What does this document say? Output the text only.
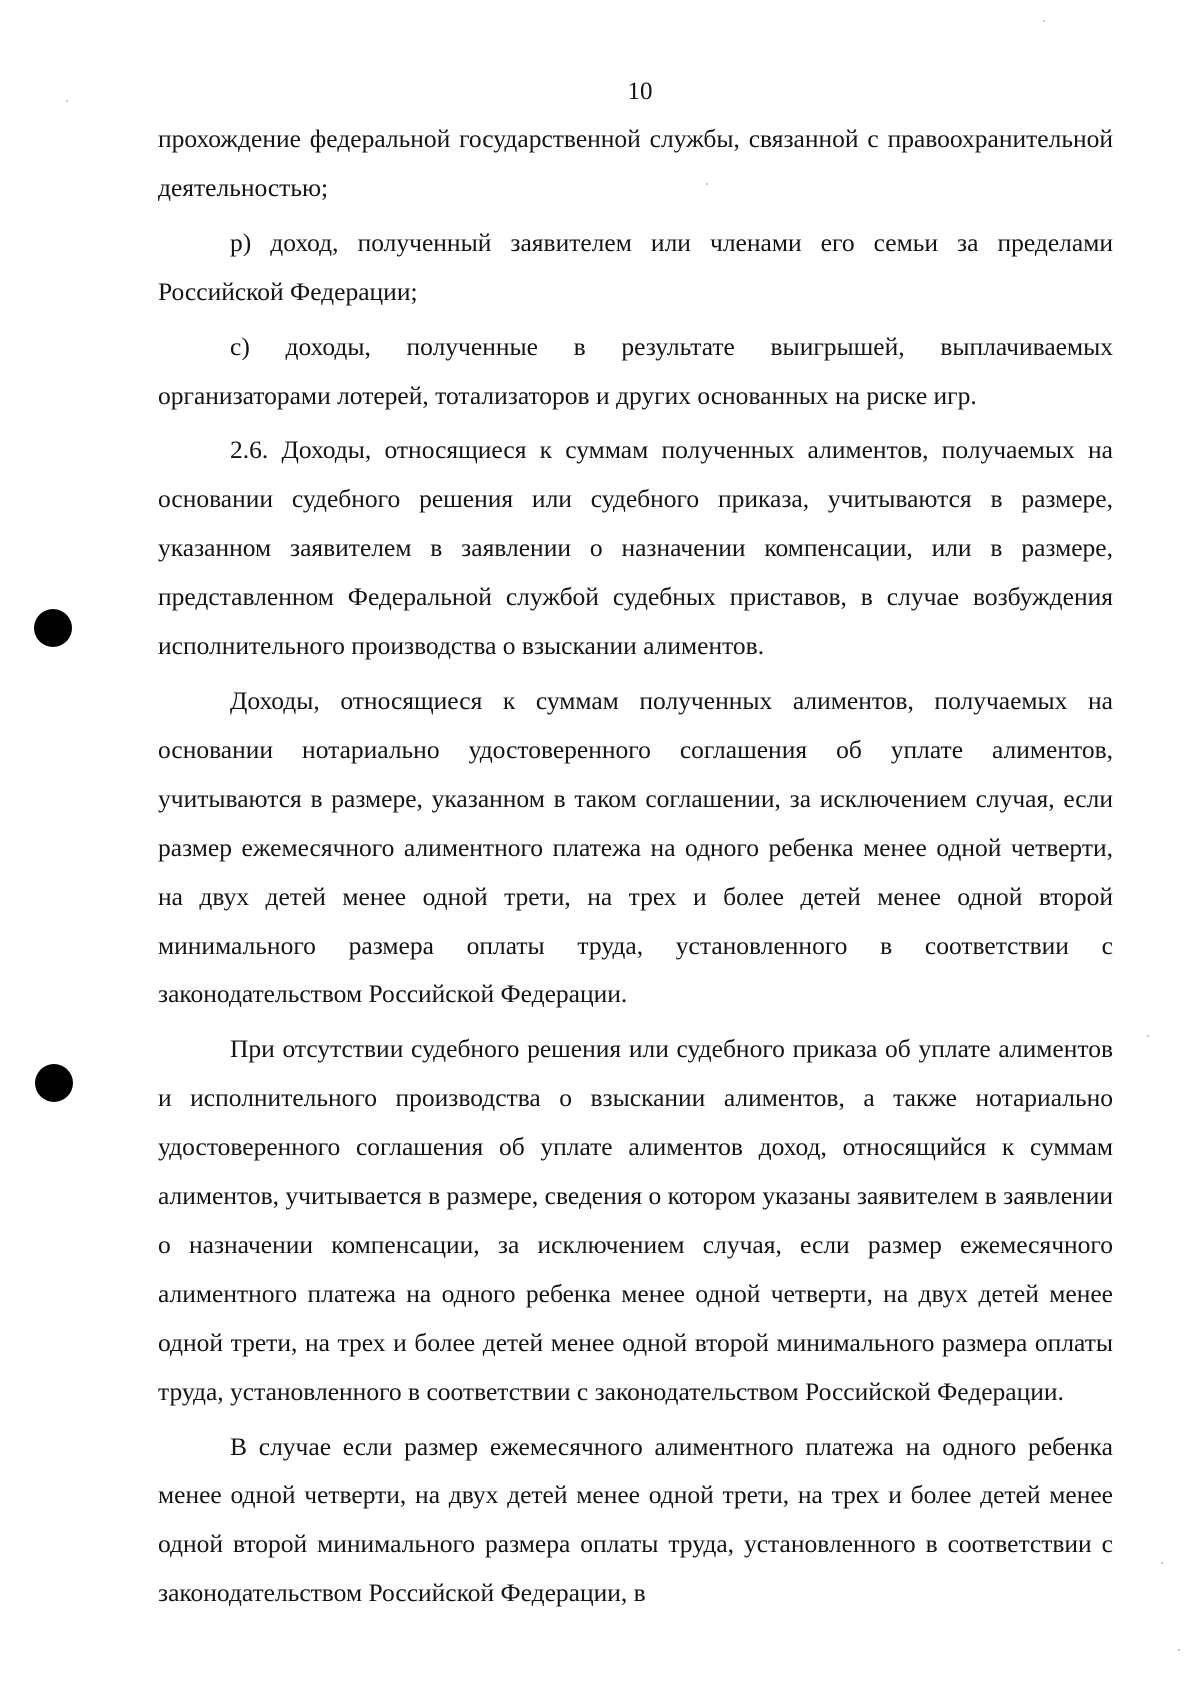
10

прохождение федеральной государственной службы, связанной с правоохранительной деятельностью;

р) доход, полученный заявителем или членами его семьи за пределами Российской Федерации;

с) доходы, полученные в результате выигрышей, выплачиваемых организаторами лотерей, тотализаторов и других основанных на риске игр.

2.6. Доходы, относящиеся к суммам полученных алиментов, получаемых на основании судебного решения или судебного приказа, учитываются в размере, указанном заявителем в заявлении о назначении компенсации, или в размере, представленном Федеральной службой судебных приставов, в случае возбуждения исполнительного производства о взыскании алиментов.

Доходы, относящиеся к суммам полученных алиментов, получаемых на основании нотариально удостоверенного соглашения об уплате алиментов, учитываются в размере, указанном в таком соглашении, за исключением случая, если размер ежемесячного алиментного платежа на одного ребенка менее одной четверти, на двух детей менее одной трети, на трех и более детей менее одной второй минимального размера оплаты труда, установленного в соответствии с законодательством Российской Федерации.

При отсутствии судебного решения или судебного приказа об уплате алиментов и исполнительного производства о взыскании алиментов, а также нотариально удостоверенного соглашения об уплате алиментов доход, относящийся к суммам алиментов, учитывается в размере, сведения о котором указаны заявителем в заявлении о назначении компенсации, за исключением случая, если размер ежемесячного алиментного платежа на одного ребенка менее одной четверти, на двух детей менее одной трети, на трех и более детей менее одной второй минимального размера оплаты труда, установленного в соответствии с законодательством Российской Федерации.

В случае если размер ежемесячного алиментного платежа на одного ребенка менее одной четверти, на двух детей менее одной трети, на трех и более детей менее одной второй минимального размера оплаты труда, установленного в соответствии с законодательством Российской Федерации, в
